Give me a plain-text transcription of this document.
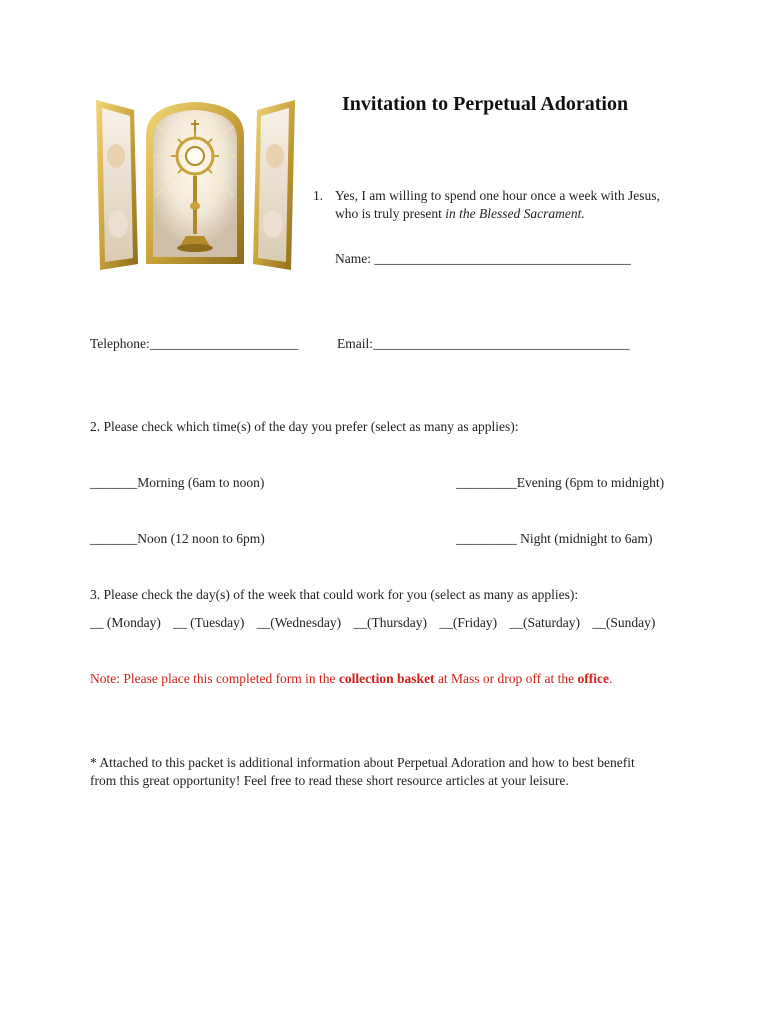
Invitation to Perpetual Adoration
1. Yes, I am willing to spend one hour once a week with Jesus,
who is truly present in the Blessed Sacrament.
Name: ______________________________________
Telephone:______________________	Email:______________________________________
2. Please check which time(s) of the day you prefer (select as many as applies):
_______Morning (6am to noon)	_________Evening (6pm to midnight)
_______Noon (12 noon to 6pm)	_________ Night (midnight to 6am)
3. Please check the day(s) of the week that could work for you (select as many as applies):
__ (Monday) __ (Tuesday) __(Wednesday) __(Thursday) __(Friday) __(Saturday) __(Sunday)
Note: Please place this completed form in the collection basket at Mass or drop off at the office.
* Attached to this packet is additional information about Perpetual Adoration and how to best benefit
from this great opportunity! Feel free to read these short resource articles at your leisure.
